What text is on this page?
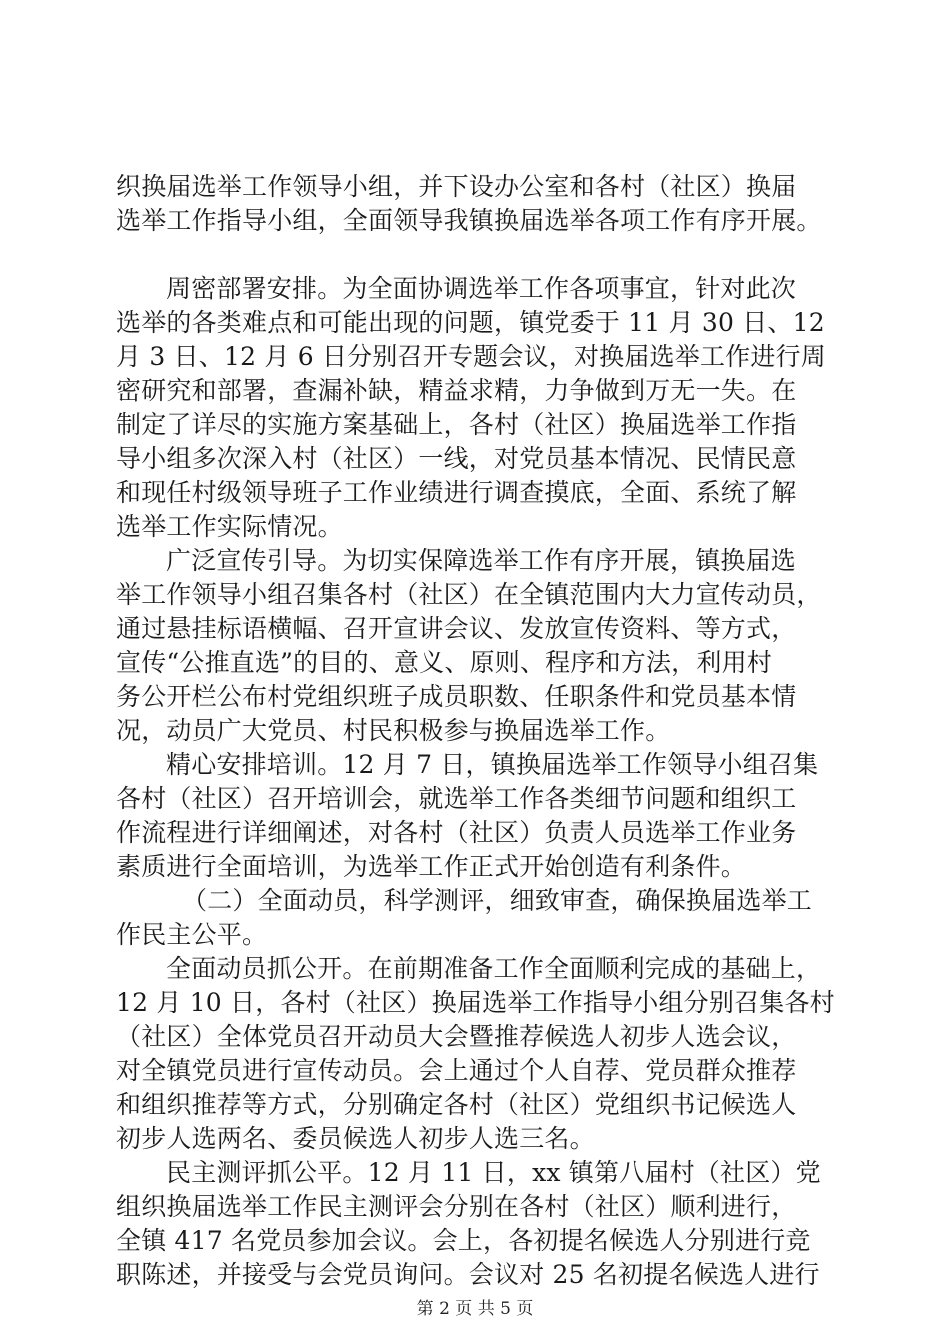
织换届选举工作领导小组，并下设办公室和各村（社区）换届
选举工作指导小组，全面领导我镇换届选举各项工作有序开展。
周密部署安排。为全面协调选举工作各项事宜，针对此次
选举的各类难点和可能出现的问题，镇党委于 11 月 30 日、12
月 3 日、12 月 6 日分别召开专题会议，对换届选举工作进行周
密研究和部署，查漏补缺，精益求精，力争做到万无一失。在
制定了详尽的实施方案基础上，各村（社区）换届选举工作指
导小组多次深入村（社区）一线，对党员基本情况、民情民意
和现任村级领导班子工作业绩进行调查摸底，全面、系统了解
选举工作实际情况。
广泛宣传引导。为切实保障选举工作有序开展，镇换届选
举工作领导小组召集各村（社区）在全镇范围内大力宣传动员，
通过悬挂标语横幅、召开宣讲会议、发放宣传资料、等方式，
宣传“公推直选”的目的、意义、原则、程序和方法，利用村
务公开栏公布村党组织班子成员职数、任职条件和党员基本情
况，动员广大党员、村民积极参与换届选举工作。
精心安排培训。12 月 7 日，镇换届选举工作领导小组召集
各村（社区）召开培训会，就选举工作各类细节问题和组织工
作流程进行详细阐述，对各村（社区）负责人员选举工作业务
素质进行全面培训，为选举工作正式开始创造有利条件。
（二）全面动员，科学测评，细致审查，确保换届选举工
作民主公平。
全面动员抓公开。在前期准备工作全面顺利完成的基础上，
12 月 10 日，各村（社区）换届选举工作指导小组分别召集各村
（社区）全体党员召开动员大会暨推荐候选人初步人选会议，
对全镇党员进行宣传动员。会上通过个人自荐、党员群众推荐
和组织推荐等方式，分别确定各村（社区）党组织书记候选人
初步人选两名、委员候选人初步人选三名。
民主测评抓公平。12 月 11 日，xx 镇第八届村（社区）党
组织换届选举工作民主测评会分别在各村（社区）顺利进行，
全镇 417 名党员参加会议。会上，各初提名候选人分别进行竞
职陈述，并接受与会党员询问。会议对 25 名初提名候选人进行
第 2 页 共 5 页
